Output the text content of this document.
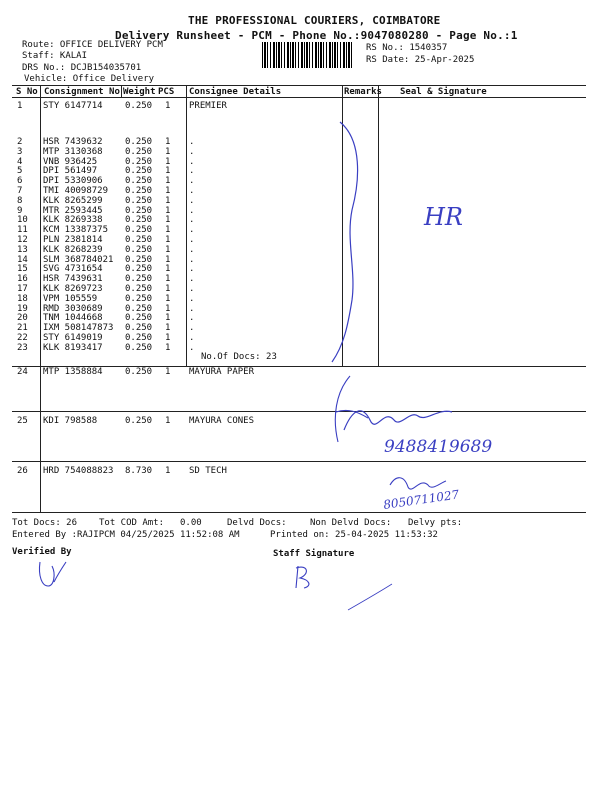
THE PROFESSIONAL COURIERS, COIMBATORE
Delivery Runsheet - PCM - Phone No.:9047080280 - Page No.:1
Route: OFFICE DELIVERY PCM
Staff: KALAI
DRS No.: DCJB154035701
Vehicle: Office Delivery
RS No.: 1540357
RS Date: 25-Apr-2025
S No Consignment No Weight PCS Consignee Details	Remarks Seal & Signature
1 STY 6147714 0.250 1 PREMIER
2 HSR 7439632 0.250 1 .
3 MTP 3130368 0.250 1 .
4 VNB 936425	0.250 1 .
5 DPI 561497	0.250 1 .
6 DPI 5330906 0.250 1 .
7 TMI 40098729 0.250 1 .
8 KLK 8265299 0.250 1 .
9 MTR 2593445 0.250 1 .
10 KLK 8269338 0.250 1 .
11 KCM 13387375 0.250 1 .
12 PLN 2381814 0.250 1 .
13 KLK 8268239 0.250 1 .
14 SLM 368784021 0.250 1 .
15 SVG 4731654 0.250 1 .
16 HSR 7439631 0.250 1 .
17 KLK 8269723 0.250 1 .
18 VPM 105559	0.250 1 .
19 RMD 3030689 0.250 1 .
20 TNM 1044668 0.250 1 .
21 IXM 508147873 0.250 1 .
22 STY 6149019 0.250 1 .
23 KLK 8193417 0.250 1 .
24 MTP 1358884 0.250 1 MAYURA PAPER
25 KDI 798588	0.250 1 MAYURA CONES
26 HRD 754088823 8.730 1 SD TECH
No.Of Docs: 23
HR
9488419689
8050711027
Tot Docs: 26 Tot COD Amt: 0.00	Delvd Docs:	Non Delvd Docs: Delvy pts:
Entered By :RAJIPCM 04/25/2025 11:52:08 AM	Printed on: 25-04-2025 11:53:32
Verified By	Staff Signature
